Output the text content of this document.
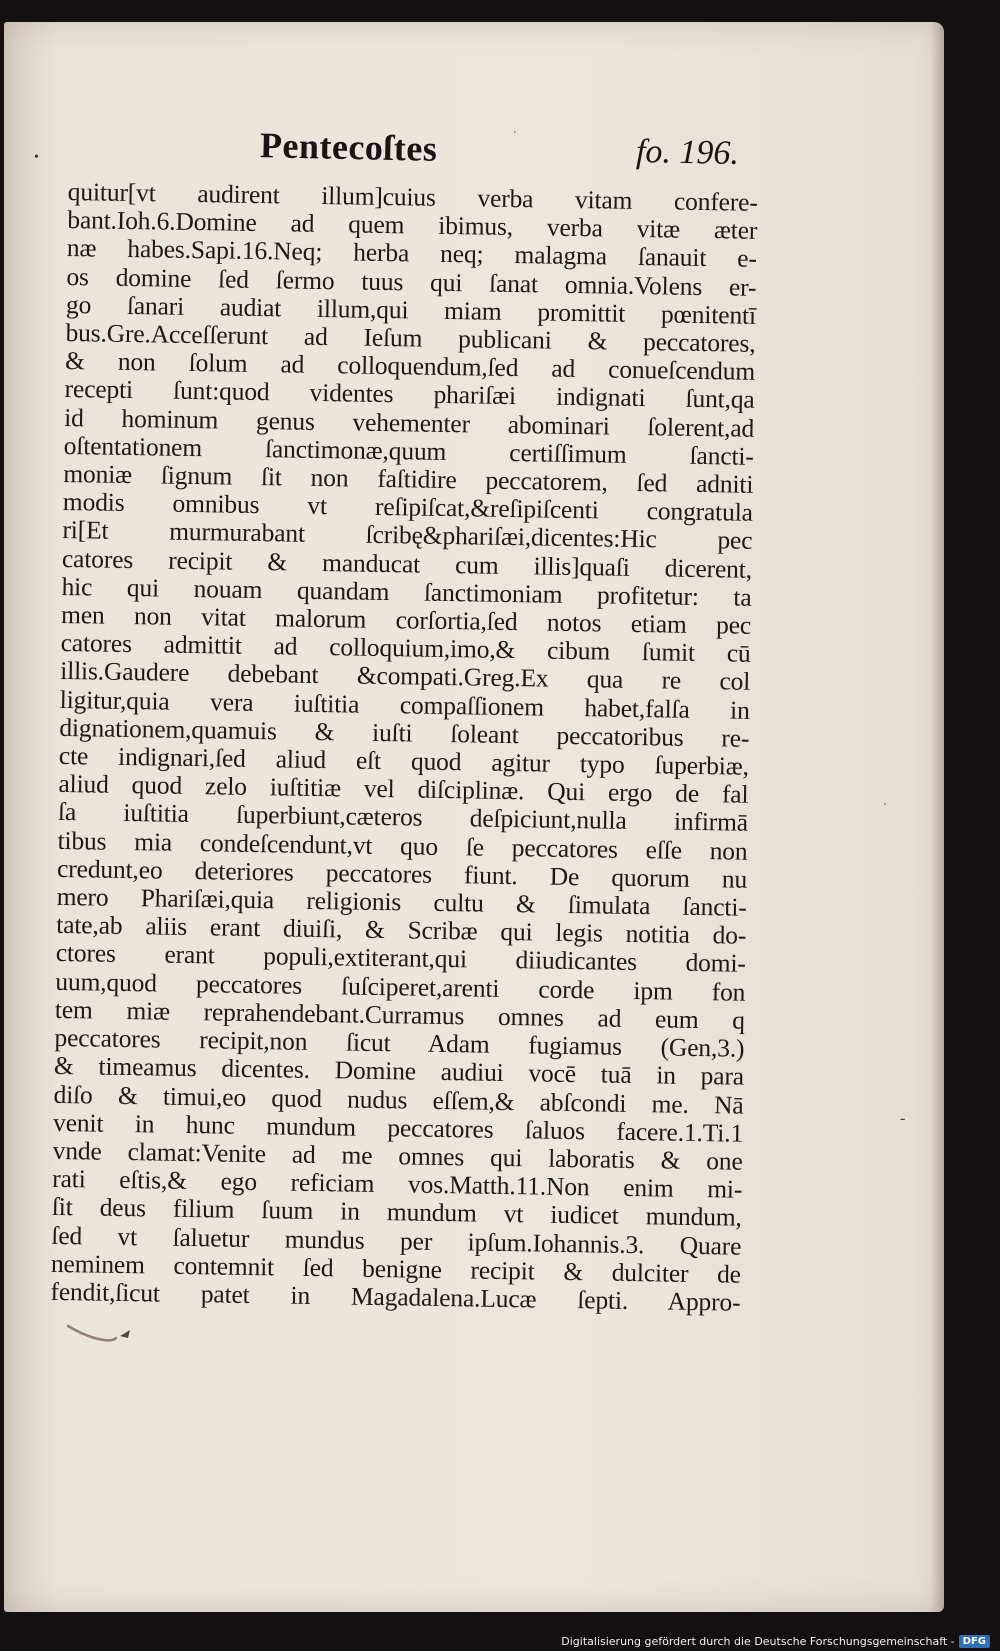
Pentecoſtes	fo. 196.
quitur[vt audirent illum]cuius verba vitam confere-
bant.Ioh.6.Domine ad quem ibimus, verba vitæ æter
næ habes.Sapi.16.Neq; herba neq; malagma ſanauit e-
os domine ſed ſermo tuus qui ſanat omnia.Volens er-
go ſanari audiat illum,qui miam promittit pœnitentī
bus.Gre.Acceſſerunt ad Ieſum publicani & peccatores,
& non ſolum ad colloquendum,ſed ad conueſcendum
recepti ſunt:quod videntes phariſæi indignati ſunt,qa
id hominum genus vehementer abominari ſolerent,ad
oſtentationem ſanctimonæ,quum certiſſimum ſancti-
moniæ ſignum ſit non faſtidire peccatorem, ſed adniti
modis omnibus vt reſipiſcat,&reſipiſcenti congratula
ri[Et murmurabant ſcribę&phariſæi,dicentes:Hic pec
catores recipit & manducat cum illis]quaſi dicerent,
hic qui nouam quandam ſanctimoniam profitetur: ta
men non vitat malorum corſortia,ſed notos etiam pec
catores admittit ad colloquium,imo,& cibum ſumit cū
illis.Gaudere debebant &compati.Greg.Ex qua re col
ligitur,quia vera iuſtitia compaſſionem habet,falſa in
dignationem,quamuis & iuſti ſoleant peccatoribus re-
cte indignari,ſed aliud eſt quod agitur typo ſuperbiæ,
aliud quod zelo iuſtitiæ vel diſciplinæ. Qui ergo de fal
ſa iuſtitia ſuperbiunt,cæteros deſpiciunt,nulla infirmā
tibus mia condeſcendunt,vt quo ſe peccatores eſſe non
credunt,eo deteriores peccatores fiunt. De quorum nu
mero Phariſæi,quia religionis cultu & ſimulata ſancti-
tate,ab aliis erant diuiſi, & Scribæ qui legis notitia do-
ctores erant populi,extiterant,qui diiudicantes domi-
uum,quod peccatores ſuſciperet,arenti corde ipm fon
tem miæ reprahendebant.Curramus omnes ad eum q
peccatores recipit,non ſicut Adam fugiamus (Gen,3.)
& timeamus dicentes. Domine audiui vocē tuā in para
diſo & timui,eo quod nudus eſſem,& abſcondi me. Nā
venit in hunc mundum peccatores ſaluos facere.1.Ti.1
vnde clamat:Venite ad me omnes qui laboratis & one
rati eſtis,& ego reficiam vos.Matth.11.Non enim mi-
ſit deus filium ſuum in mundum vt iudicet mundum,
ſed vt ſaluetur mundus per ipſum.Iohannis.3. Quare
neminem contemnit ſed benigne recipit & dulciter de
fendit,ſicut patet in Magadalena.Lucæ ſepti. Appro-
•
'
'
-
Digitalisierung gefördert durch die Deutsche Forschungsgemeinschaft - DFG
